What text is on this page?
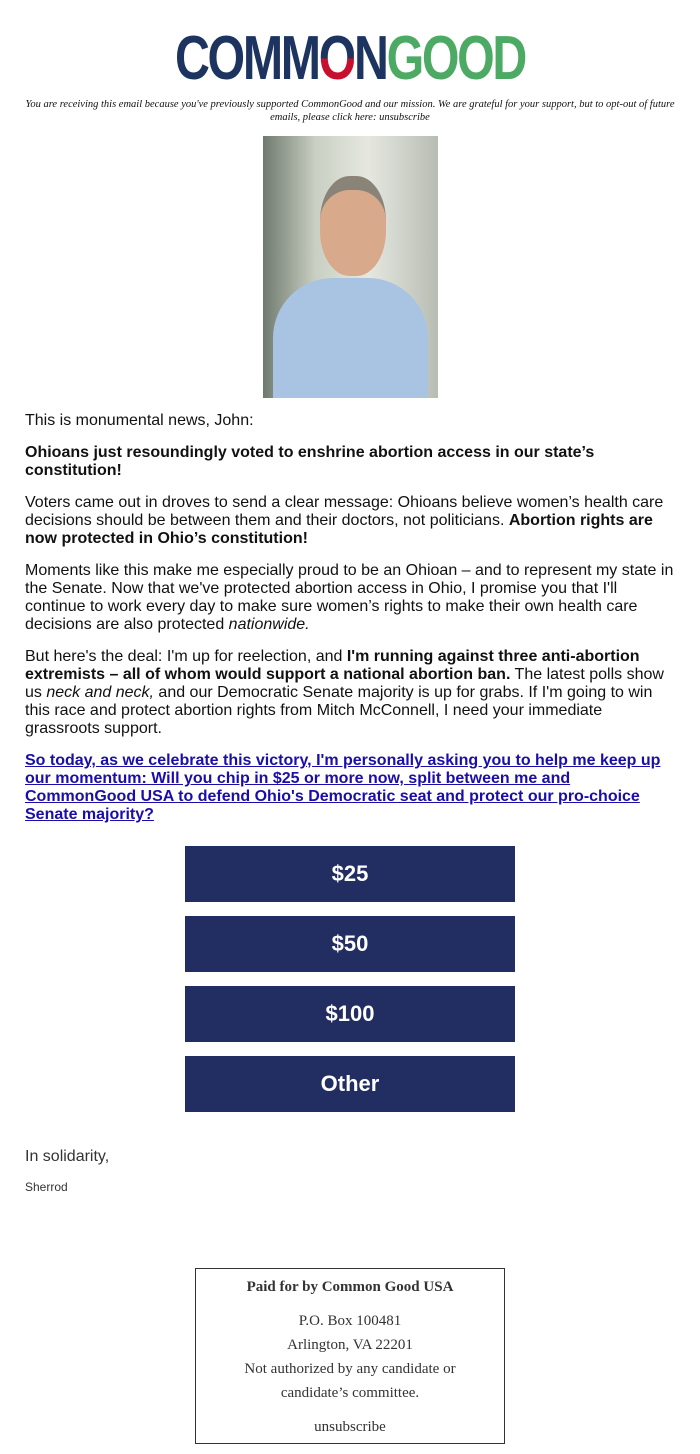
COMMONGOOD
You are receiving this email because you've previously supported CommonGood and our mission. We are grateful for your support, but to opt-out of future emails, please click here: unsubscribe

This is monumental news, John:

Ohioans just resoundingly voted to enshrine abortion access in our state’s constitution!

Voters came out in droves to send a clear message: Ohioans believe women’s health care decisions should be between them and their doctors, not politicians. Abortion rights are now protected in Ohio’s constitution!

Moments like this make me especially proud to be an Ohioan – and to represent my state in the Senate. Now that we've protected abortion access in Ohio, I promise you that I'll continue to work every day to make sure women’s rights to make their own health care decisions are also protected nationwide.

But here's the deal: I'm up for reelection, and I'm running against three anti-abortion extremists – all of whom would support a national abortion ban. The latest polls show us neck and neck, and our Democratic Senate majority is up for grabs. If I'm going to win this race and protect abortion rights from Mitch McConnell, I need your immediate grassroots support.

So today, as we celebrate this victory, I'm personally asking you to help me keep up our momentum: Will you chip in $25 or more now, split between me and CommonGood USA to defend Ohio's Democratic seat and protect our pro-choice Senate majority?
$25
$50
$100
Other
In solidarity,
Sherrod
Paid for by Common Good USA
P.O. Box 100481
Arlington, VA 22201
Not authorized by any candidate or candidate’s committee.
unsubscribe
